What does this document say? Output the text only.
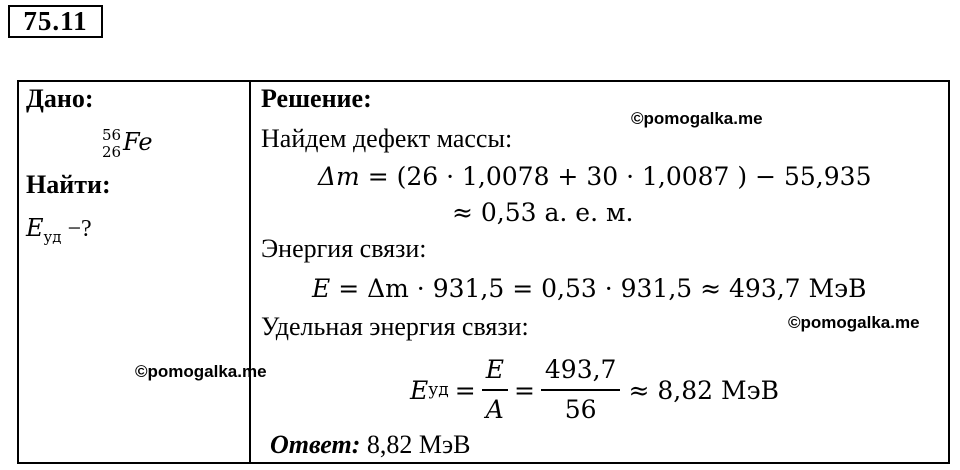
75.11
Дано:
56
26 Fe
Найти:
$E_{уд}$ −?
Решение:
Найдем дефект массы:
Δm = (26 · 1,0078 + 30 · 1,0087 ) − 55,935
≈ 0,53 а. е. м.
Энергия связи:
E = Δm · 931,5 = 0,53 · 931,5 ≈ 493,7 МэВ
Удельная энергия связи:
E уд = $\frac{E}{A} = \frac{493,7}{56} \approx 8,82$ МэВ
Ответ: 8,82 МэВ
©pomogalka.me
©pomogalka.me
©pomogalka.me
